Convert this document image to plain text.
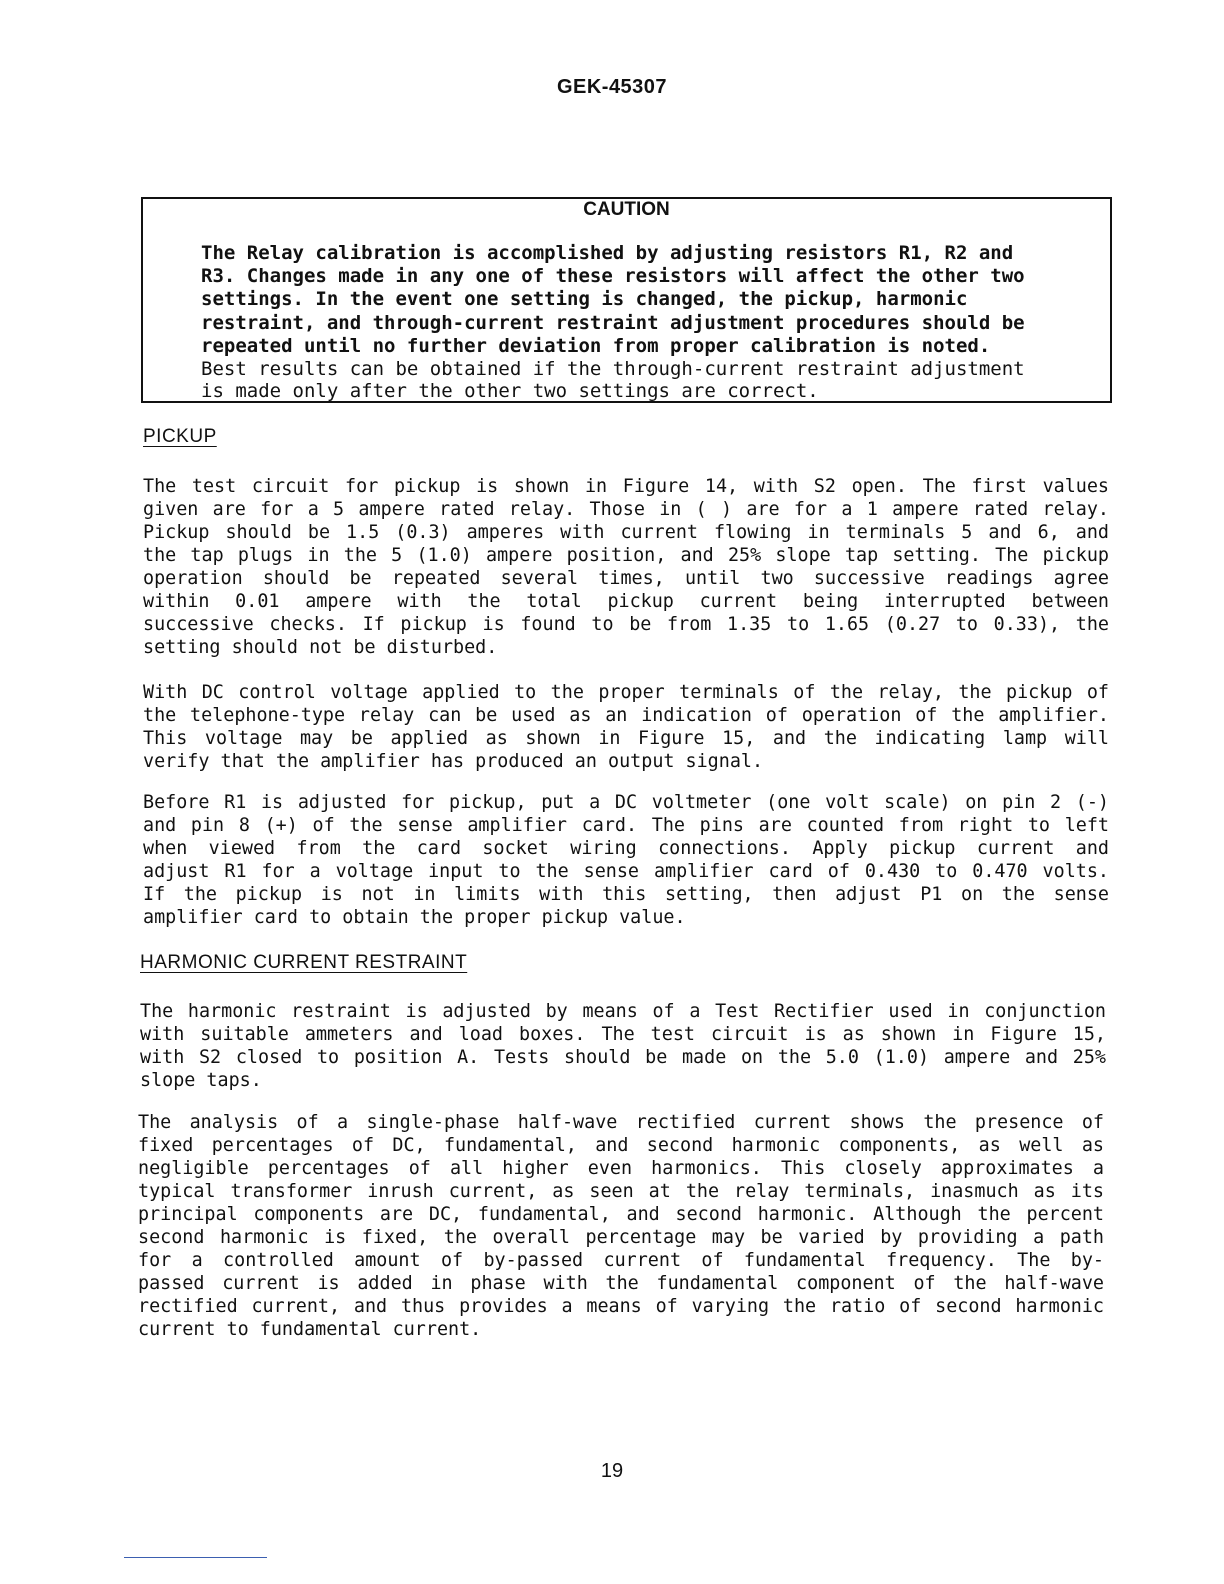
GEK-45307
CAUTION
The Relay calibration is accomplished by adjusting resistors R1, R2 and
R3. Changes made in any one of these resistors will affect the other two
settings. In the event one setting is changed, the pickup, harmonic
restraint, and through-current restraint adjustment procedures should be
repeated until no further deviation from proper calibration is noted.
Best results can be obtained if the through-current restraint adjustment
is made only after the other two settings are correct.
PICKUP
The test circuit for pickup is shown in Figure 14, with S2 open. The first values
given are for a 5 ampere rated relay. Those in ( ) are for a 1 ampere rated relay.
Pickup should be 1.5 (0.3) amperes with current flowing in terminals 5 and 6, and
the tap plugs in the 5 (1.0) ampere position, and 25% slope tap setting. The pickup
operation should be repeated several times, until two successive readings agree
within 0.01 ampere with the total pickup current being interrupted between
successive checks. If pickup is found to be from 1.35 to 1.65 (0.27 to 0.33), the
setting should not be disturbed.
With DC control voltage applied to the proper terminals of the relay, the pickup of
the telephone-type relay can be used as an indication of operation of the amplifier.
This voltage may be applied as shown in Figure 15, and the indicating lamp will
verify that the amplifier has produced an output signal.
Before R1 is adjusted for pickup, put a DC voltmeter (one volt scale) on pin 2 (-)
and pin 8 (+) of the sense amplifier card. The pins are counted from right to left
when viewed from the card socket wiring connections. Apply pickup current and
adjust R1 for a voltage input to the sense amplifier card of 0.430 to 0.470 volts.
If the pickup is not in limits with this setting, then adjust P1 on the sense
amplifier card to obtain the proper pickup value.
HARMONIC CURRENT RESTRAINT
The harmonic restraint is adjusted by means of a Test Rectifier used in conjunction
with suitable ammeters and load boxes. The test circuit is as shown in Figure 15,
with S2 closed to position A. Tests should be made on the 5.0 (1.0) ampere and 25%
slope taps.
The analysis of a single-phase half-wave rectified current shows the presence of
fixed percentages of DC, fundamental, and second harmonic components, as well as
negligible percentages of all higher even harmonics. This closely approximates a
typical transformer inrush current, as seen at the relay terminals, inasmuch as its
principal components are DC, fundamental, and second harmonic. Although the percent
second harmonic is fixed, the overall percentage may be varied by providing a path
for a controlled amount of by-passed current of fundamental frequency. The by-
passed current is added in phase with the fundamental component of the half-wave
rectified current, and thus provides a means of varying the ratio of second harmonic
current to fundamental current.
19
